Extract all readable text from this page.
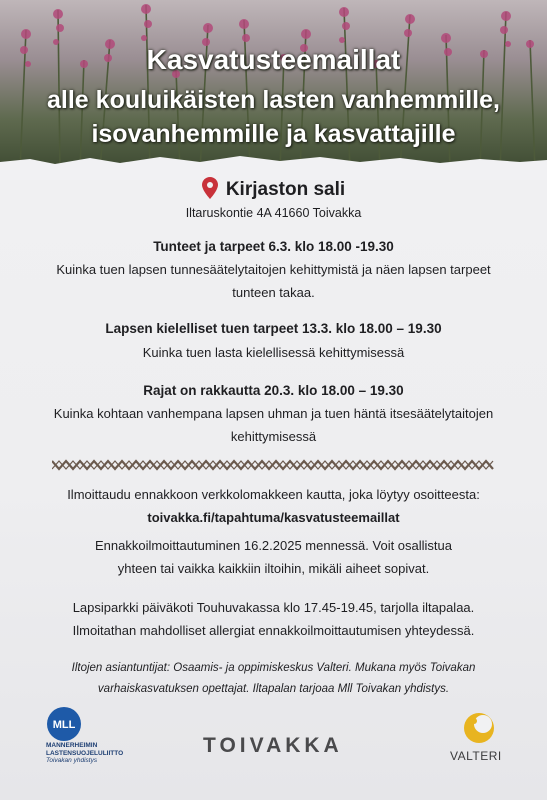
Kasvatusteemaillat
alle kouluikäisten lasten vanhemmille,
isovanhemmille ja kasvattajille
Kirjaston sali
Iltaruskontie 4A 41660 Toivakka
Tunteet ja tarpeet 6.3. klo 18.00 -19.30
Kuinka tuen lapsen tunnesäätelytaitojen kehittymistä ja näen lapsen tarpeet tunteen takaa.
Lapsen kielelliset tuen tarpeet 13.3. klo 18.00 – 19.30
Kuinka tuen lasta kielellisessä kehittymisessä
Rajat on rakkautta 20.3. klo 18.00 – 19.30
Kuinka kohtaan vanhempana lapsen uhman ja tuen häntä itsesäätelytaitojen kehittymisessä
Ilmoittaudu ennakkoon verkkolomakkeen kautta, joka löytyy osoitteesta:
toivakka.fi/tapahtuma/kasvatusteemaillat
Ennakkoilmoittautuminen 16.2.2025 mennessä. Voit osallistua
yhteen tai vaikka kaikkiin iltoihin, mikäli aiheet sopivat.
Lapsiparkki päiväkoti Touhuvakassa klo 17.45-19.45, tarjolla iltapalaa.
Ilmoitathan mahdolliset allergiat ennakkoilmoittautumisen yhteydessä.
Iltojen asiantuntijat: Osaamis- ja oppimiskeskus Valteri. Mukana myös Toivakan
varhaiskasvatuksen opettajat. Iltapalan tarjoaa Mll Toivakan yhdistys.
MLL
MANNERHEIMIN
LASTENSUOJELULIITTO
Toivakan yhdistys
TOIVAKKA	VALTERI
